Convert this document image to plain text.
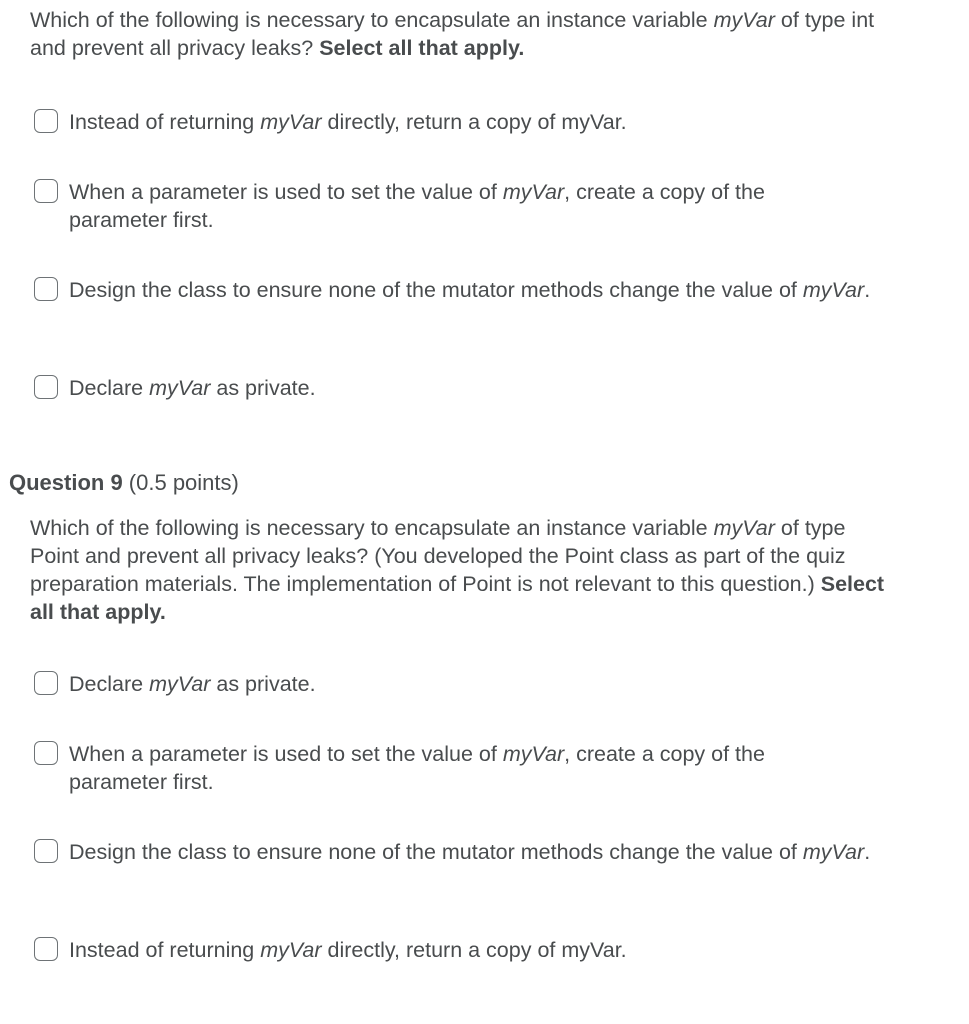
Which of the following is necessary to encapsulate an instance variable myVar of type int and prevent all privacy leaks? Select all that apply.
Instead of returning myVar directly, return a copy of myVar.
When a parameter is used to set the value of myVar, create a copy of the parameter first.
Design the class to ensure none of the mutator methods change the value of myVar.
Declare myVar as private.
Question 9 (0.5 points)
Which of the following is necessary to encapsulate an instance variable myVar of type Point and prevent all privacy leaks? (You developed the Point class as part of the quiz preparation materials. The implementation of Point is not relevant to this question.) Select all that apply.
Declare myVar as private.
When a parameter is used to set the value of myVar, create a copy of the parameter first.
Design the class to ensure none of the mutator methods change the value of myVar.
Instead of returning myVar directly, return a copy of myVar.
